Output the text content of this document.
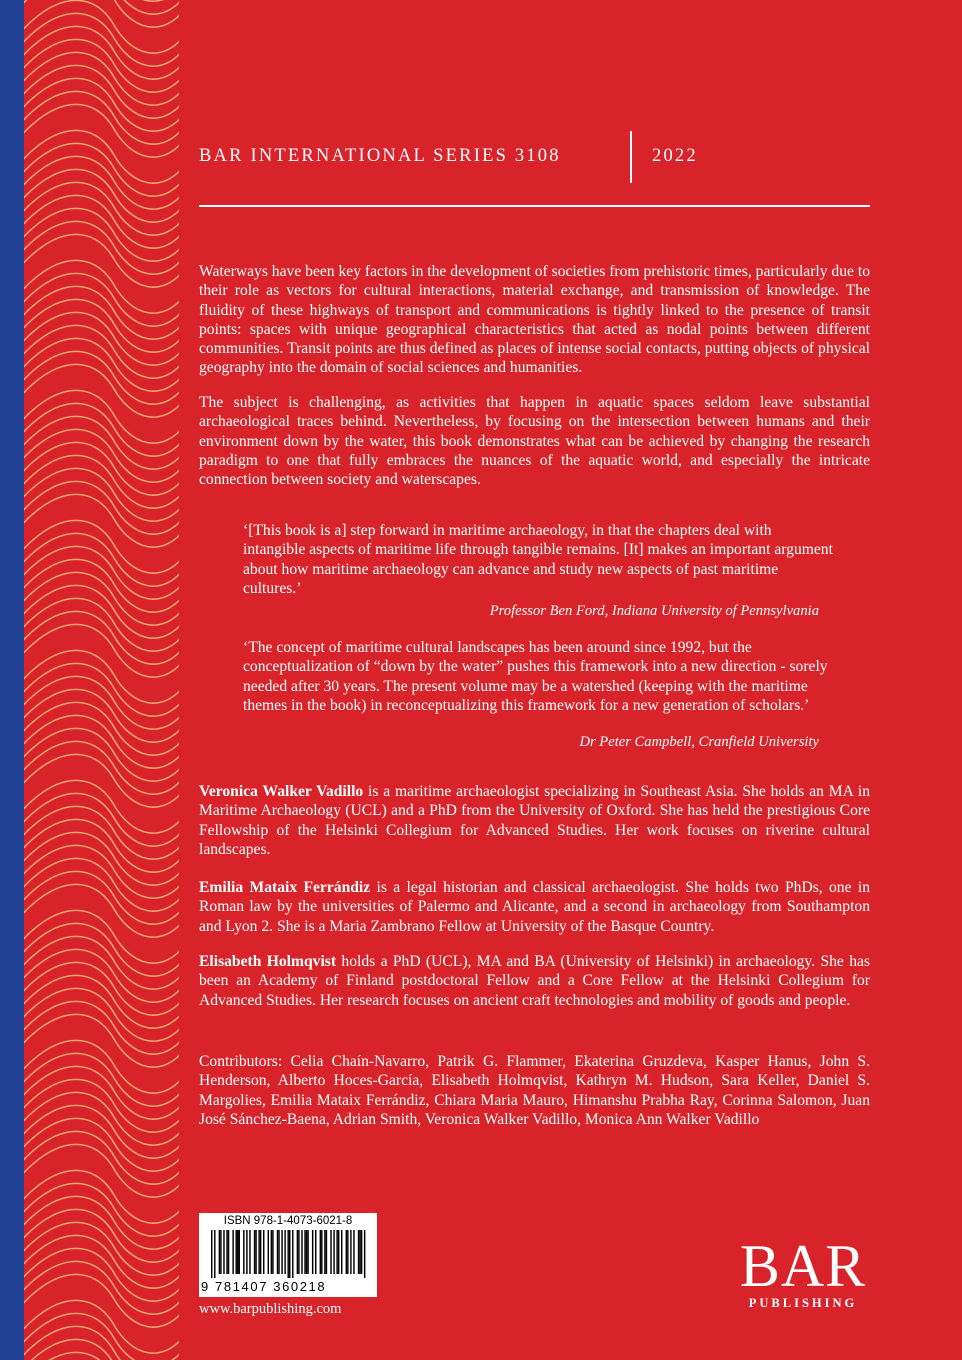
BAR INTERNATIONAL SERIES 3108	2022

Waterways have been key factors in the development of societies from prehistoric times, particularly due to their role as vectors for cultural interactions, material exchange, and transmission of knowledge. The fluidity of these highways of transport and communications is tightly linked to the presence of transit points: spaces with unique geographical characteristics that acted as nodal points between different communities. Transit points are thus defined as places of intense social contacts, putting objects of physical geography into the domain of social sciences and humanities.

The subject is challenging, as activities that happen in aquatic spaces seldom leave substantial archaeological traces behind. Nevertheless, by focusing on the intersection between humans and their environment down by the water, this book demonstrates what can be achieved by changing the research paradigm to one that fully embraces the nuances of the aquatic world, and especially the intricate connection between society and waterscapes.

‘[This book is a] step forward in maritime archaeology, in that the chapters deal with intangible aspects of maritime life through tangible remains. [It] makes an important argument about how maritime archaeology can advance and study new aspects of past maritime cultures.’

Professor Ben Ford, Indiana University of Pennsylvania

‘The concept of maritime cultural landscapes has been around since 1992, but the conceptualization of “down by the water” pushes this framework into a new direction - sorely needed after 30 years. The present volume may be a watershed (keeping with the maritime themes in the book) in reconceptualizing this framework for a new generation of scholars.’

Dr Peter Campbell, Cranfield University

Veronica Walker Vadillo is a maritime archaeologist specializing in Southeast Asia. She holds an MA in Maritime Archaeology (UCL) and a PhD from the University of Oxford. She has held the prestigious Core Fellowship of the Helsinki Collegium for Advanced Studies. Her work focuses on riverine cultural landscapes.

Emilia Mataix Ferrándiz is a legal historian and classical archaeologist. She holds two PhDs, one in Roman law by the universities of Palermo and Alicante, and a second in archaeology from Southampton and Lyon 2. She is a Maria Zambrano Fellow at University of the Basque Country.

Elisabeth Holmqvist holds a PhD (UCL), MA and BA (University of Helsinki) in archaeology. She has been an Academy of Finland postdoctoral Fellow and a Core Fellow at the Helsinki Collegium for Advanced Studies. Her research focuses on ancient craft technologies and mobility of goods and people.

Contributors: Celia Chaín-Navarro, Patrik G. Flammer, Ekaterina Gruzdeva, Kasper Hanus, John S. Henderson, Alberto Hoces-García, Elisabeth Holmqvist, Kathryn M. Hudson, Sara Keller, Daniel S. Margolies, Emilia Mataix Ferrándiz, Chiara Maria Mauro, Himanshu Prabha Ray, Corinna Salomon, Juan José Sánchez-Baena, Adrian Smith, Veronica Walker Vadillo, Monica Ann Walker Vadillo

ISBN 978-1-4073-6021-8
9 781407 360218
www.barpublishing.com
BAR
PUBLISHING
